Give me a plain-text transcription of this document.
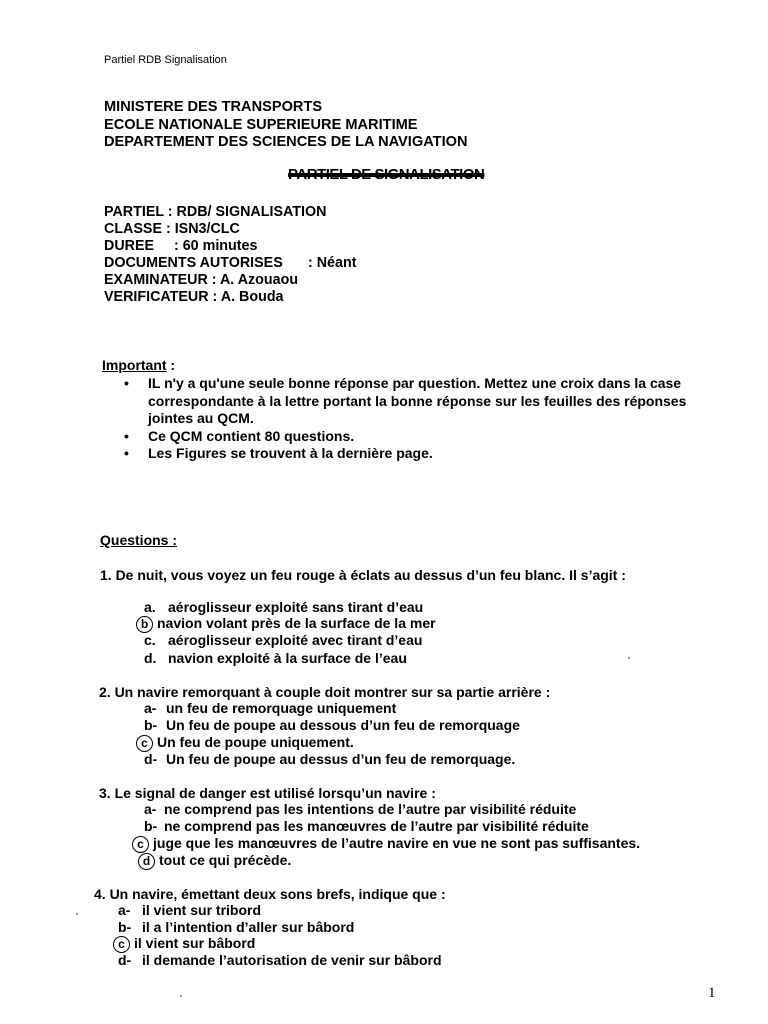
Partiel RDB Signalisation
MINISTERE DES TRANSPORTS
ECOLE NATIONALE SUPERIEURE MARITIME
DEPARTEMENT DES SCIENCES DE LA NAVIGATION
PARTIEL DE SIGNALISATION
PARTIEL : RDB/ SIGNALISATION
CLASSE : ISN3/CLC
DUREE : 60 minutes
DOCUMENTS AUTORISES : Néant
EXAMINATEUR : A. Azouaou
VERIFICATEUR : A. Bouda
Important :
• IL n'y a qu'une seule bonne réponse par question. Mettez une croix dans la case correspondante à la lettre portant la bonne réponse sur les feuilles des réponses jointes au QCM.
• Ce QCM contient 80 questions.
• Les Figures se trouvent à la dernière page.
Questions :
1. De nuit, vous voyez un feu rouge à éclats au dessus d’un feu blanc. Il s’agit :
a. aéroglisseur exploité sans tirant d’eau
b navion volant près de la surface de la mer
c. aéroglisseur exploité avec tirant d’eau
d. navion exploité à la surface de l’eau
2. Un navire remorquant à couple doit montrer sur sa partie arrière :
a- un feu de remorquage uniquement
b- Un feu de poupe au dessous d’un feu de remorquage
c Un feu de poupe uniquement.
d- Un feu de poupe au dessus d’un feu de remorquage.
3. Le signal de danger est utilisé lorsqu’un navire :
a- ne comprend pas les intentions de l’autre par visibilité réduite
b- ne comprend pas les manœuvres de l’autre par visibilité réduite
c juge que les manœuvres de l’autre navire en vue ne sont pas suffisantes.
d tout ce qui précède.
4. Un navire, émettant deux sons brefs, indique que :
a- il vient sur tribord
b- il a l’intention d’aller sur bâbord
c il vient sur bâbord
d- il demande l’autorisation de venir sur bâbord
1
